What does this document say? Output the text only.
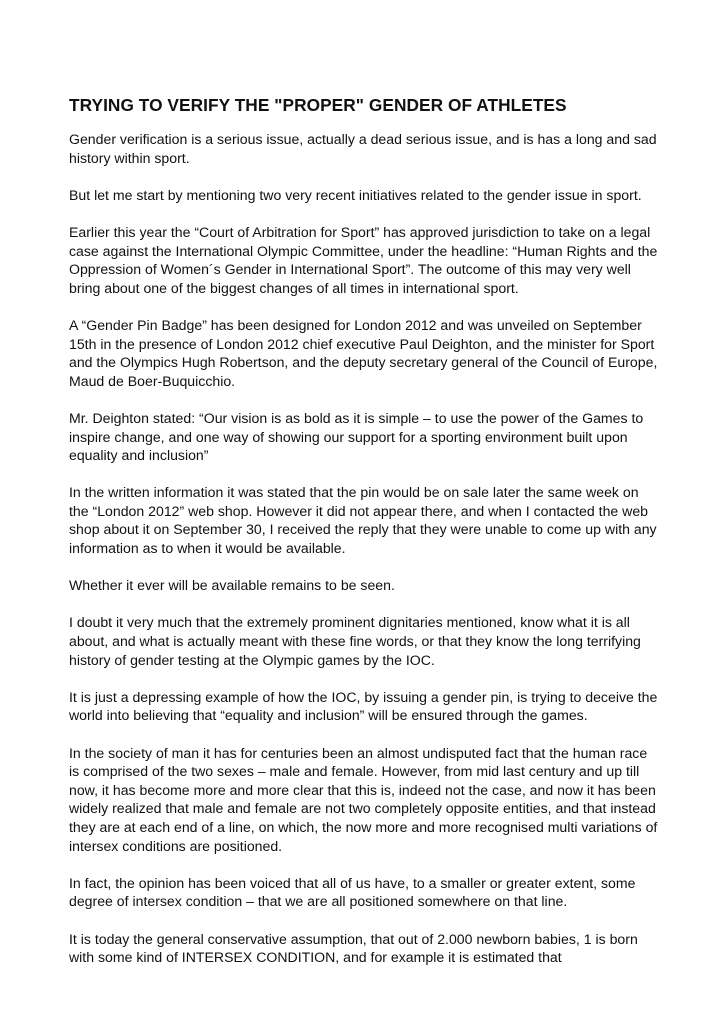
TRYING TO VERIFY THE "PROPER" GENDER OF ATHLETES

Gender verification is a serious issue, actually a dead serious issue, and is has a long and sad history within sport.

But let me start by mentioning two very recent initiatives related to the gender issue in sport.

Earlier this year the “Court of Arbitration for Sport” has approved jurisdiction to take on a legal case against the International Olympic Committee, under the headline: “Human Rights and the Oppression of Women´s Gender in International Sport”. The outcome of this may very well bring about one of the biggest changes of all times in international sport.

A “Gender Pin Badge” has been designed for London 2012 and was unveiled on September 15th in the presence of London 2012 chief executive Paul Deighton, and the minister for Sport and the Olympics Hugh Robertson, and the deputy secretary general of the Council of Europe, Maud de Boer-Buquicchio.

Mr. Deighton stated: “Our vision is as bold as it is simple – to use the power of the Games to inspire change, and one way of showing our support for a sporting environment built upon equality and inclusion”

In the written information it was stated that the pin would be on sale later the same week on the “London 2012” web shop. However it did not appear there, and when I contacted the web shop about it on September 30, I received the reply that they were unable to come up with any information as to when it would be available.

Whether it ever will be available remains to be seen.

I doubt it very much that the extremely prominent dignitaries mentioned, know what it is all about, and what is actually meant with these fine words, or that they know the long terrifying history of gender testing at the Olympic games by the IOC.

It is just a depressing example of how the IOC, by issuing a gender pin, is trying to deceive the world into believing that “equality and inclusion” will be ensured through the games.

In the society of man it has for centuries been an almost undisputed fact that the human race is comprised of the two sexes – male and female. However, from mid last century and up till now, it has become more and more clear that this is, indeed not the case, and now it has been widely realized that male and female are not two completely opposite entities, and that instead they are at each end of a line, on which, the now more and more recognised multi variations of intersex conditions are positioned.

In fact, the opinion has been voiced that all of us have, to a smaller or greater extent, some degree of intersex condition – that we are all positioned somewhere on that line.

It is today the general conservative assumption, that out of 2.000 newborn babies, 1 is born with some kind of INTERSEX CONDITION, and for example it is estimated that
